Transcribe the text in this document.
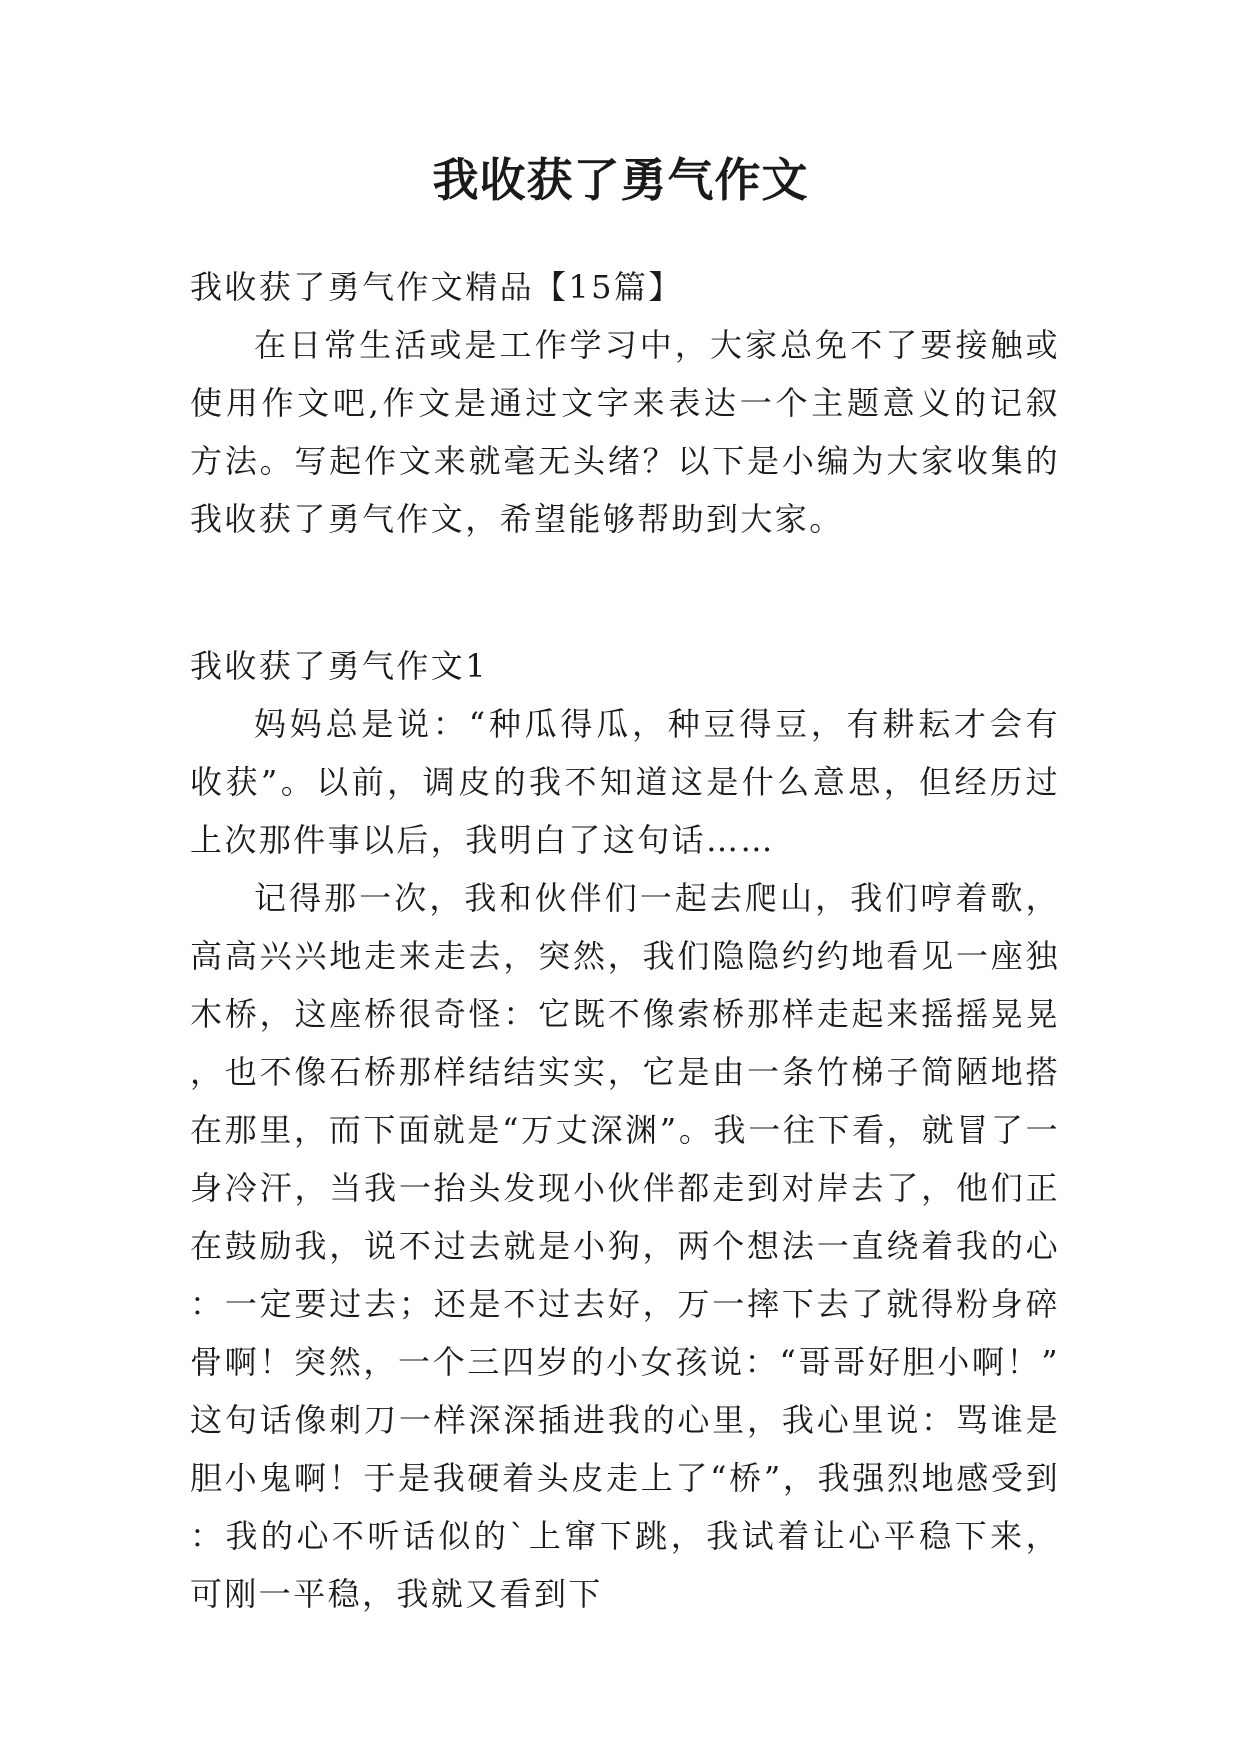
我收获了勇气作文
我收获了勇气作文精品【15篇】

在日常生活或是工作学习中，大家总免不了要接触或使用作文吧,作文是通过文字来表达一个主题意义的记叙方法。写起作文来就毫无头绪？以下是小编为大家收集的我收获了勇气作文，希望能够帮助到大家。

我收获了勇气作文1

妈妈总是说：“种瓜得瓜，种豆得豆，有耕耘才会有收获”。以前，调皮的我不知道这是什么意思，但经历过上次那件事以后，我明白了这句话……

记得那一次，我和伙伴们一起去爬山，我们哼着歌，高高兴兴地走来走去，突然，我们隐隐约约地看见一座独木桥，这座桥很奇怪：它既不像索桥那样走起来摇摇晃晃，也不像石桥那样结结实实，它是由一条竹梯子简陋地搭在那里，而下面就是“万丈深渊”。我一往下看，就冒了一身冷汗，当我一抬头发现小伙伴都走到对岸去了，他们正在鼓励我，说不过去就是小狗，两个想法一直绕着我的心：一定要过去；还是不过去好，万一摔下去了就得粉身碎骨啊！突然，一个三四岁的小女孩说：“哥哥好胆小啊！”这句话像刺刀一样深深插进我的心里，我心里说：骂谁是胆小鬼啊！于是我硬着头皮走上了“桥”，我强烈地感受到：我的心不听话似的`上窜下跳，我试着让心平稳下来，可刚一平稳，我就又看到下
